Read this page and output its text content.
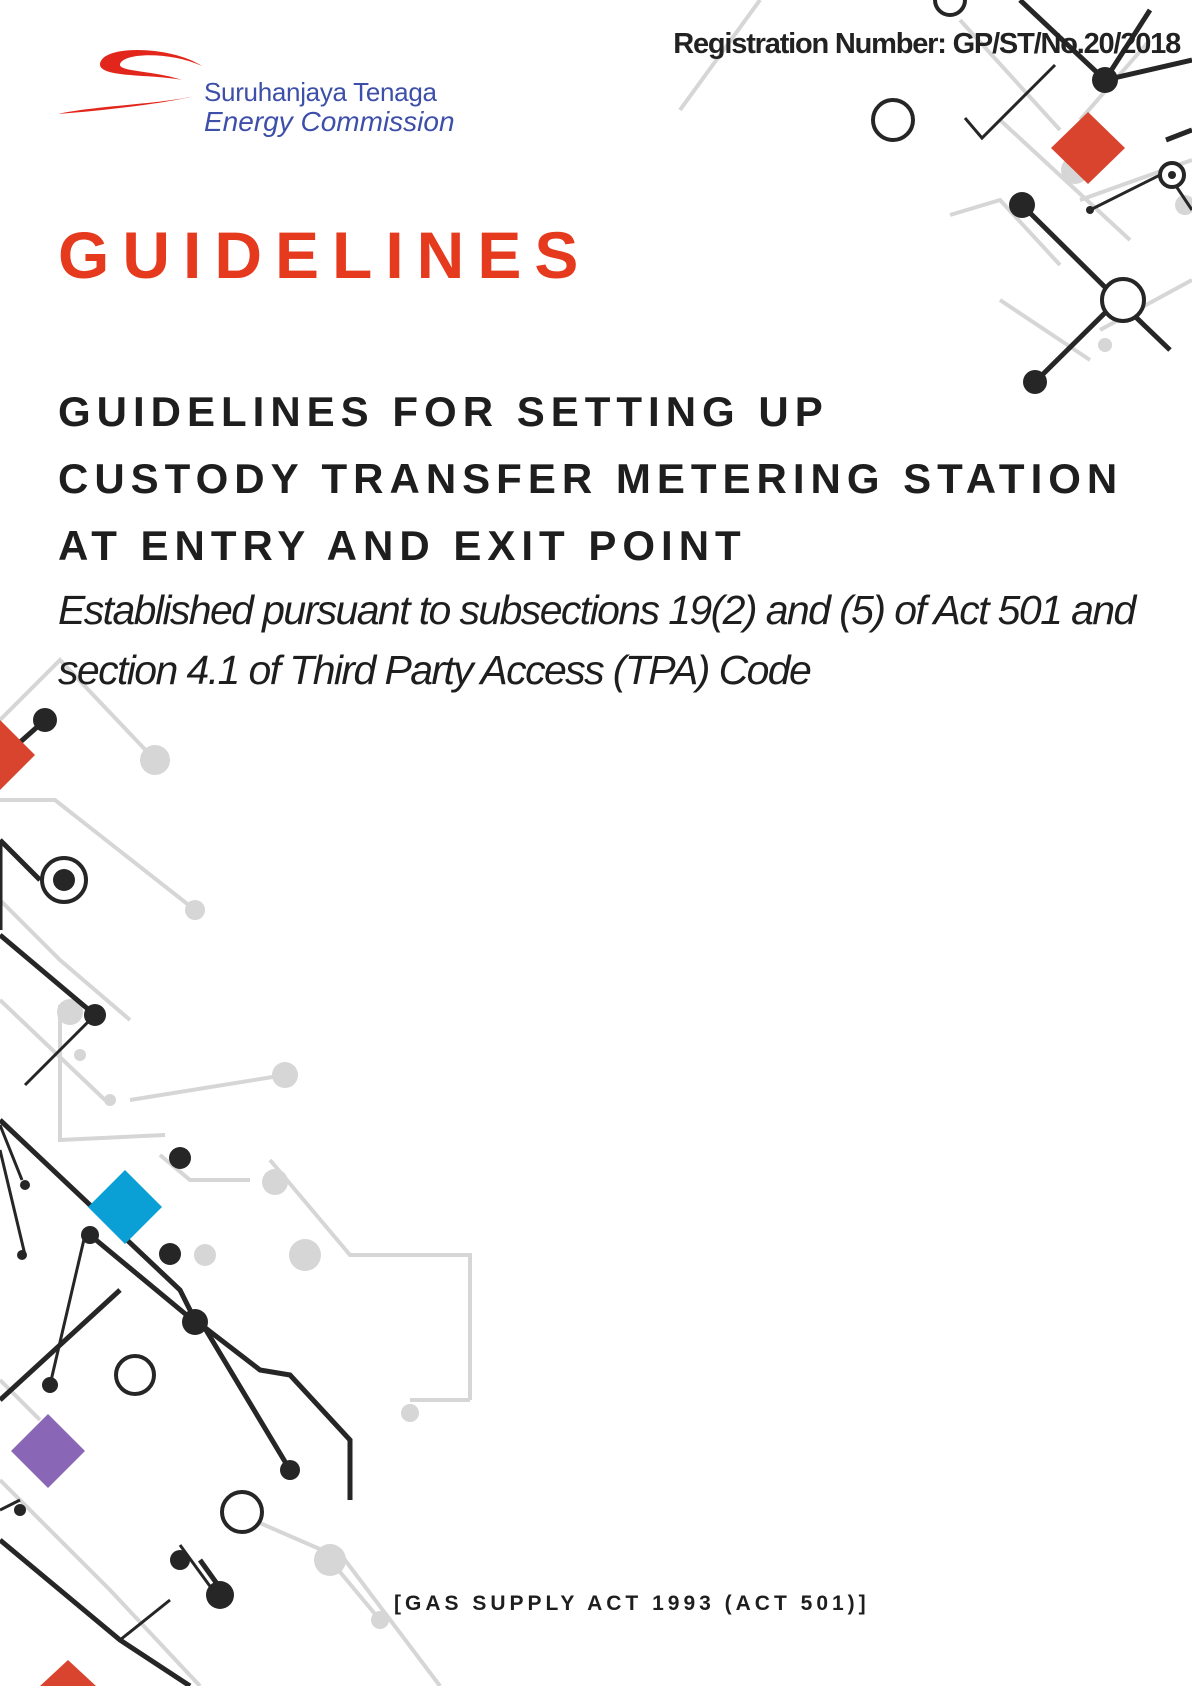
Registration Number: GP/ST/No.20/2018
Suruhanjaya Tenaga
Energy Commission
GUIDELINES
GUIDELINES FOR SETTING UP
CUSTODY TRANSFER METERING STATION
AT ENTRY AND EXIT POINT

Established pursuant to subsections 19(2) and (5) of Act 501 and
section 4.1 of Third Party Access (TPA) Code

[GAS SUPPLY ACT 1993 (ACT 501)]
